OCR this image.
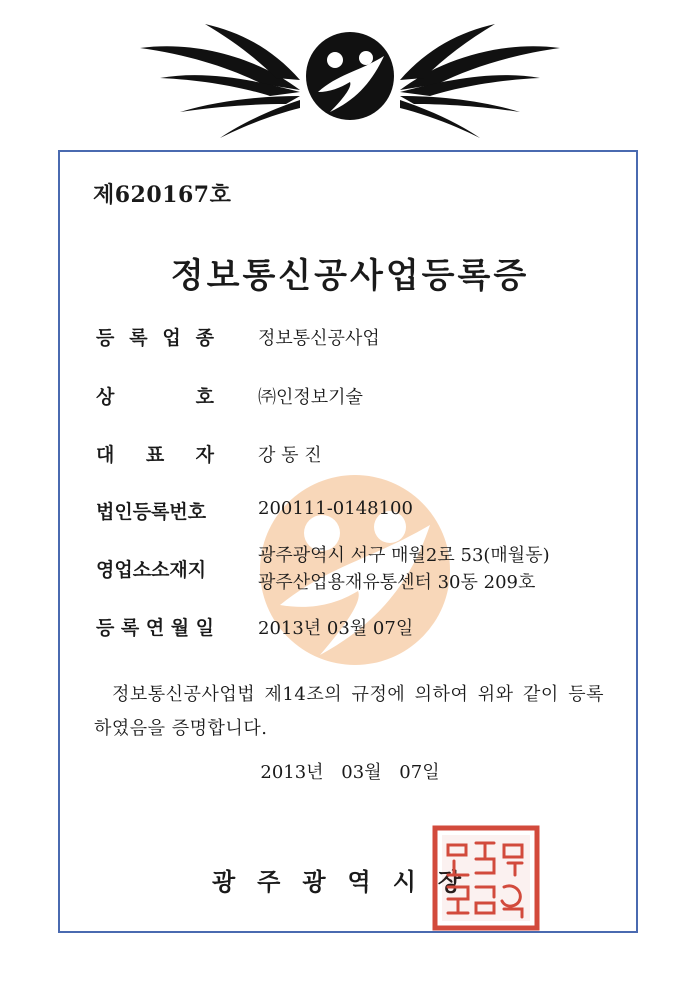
제620167호
정보통신공사업등록증
등 록 업 종 정보통신공사업
상	호 ㈜인정보기술
대 표 자 강 동 진
법인등록번호	200111-0148100
영업소소재지
광주광역시 서구 매월2로 53(매월동)
광주산업용재유통센터 30동 209호
등 록 연 월 일 2013년 03월 07일
정보통신공사업법 제14조의 규정에 의하여 위와 같이 등록 하였음을 증명합니다.
2013년 03월 07일
광주광역시장
